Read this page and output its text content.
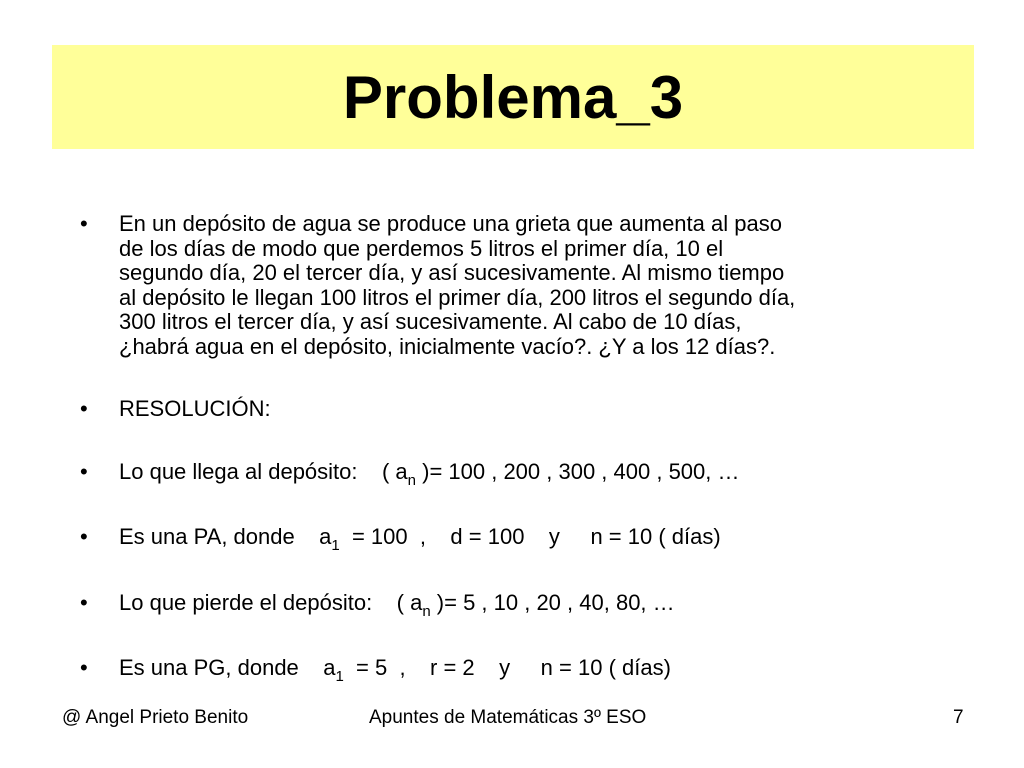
Problema_3
• En un depósito de agua se produce una grieta que aumenta al paso
de los días de modo que perdemos 5 litros el primer día, 10 el
segundo día, 20 el tercer día, y así sucesivamente. Al mismo tiempo
al depósito le llegan 100 litros el primer día, 200 litros el segundo día,
300 litros el tercer día, y así sucesivamente. Al cabo de 10 días,
¿habrá agua en el depósito, inicialmente vacío?. ¿Y a los 12 días?.
• RESOLUCIÓN:
• Lo que llega al depósito:    ( $a_n$ )= 100 , 200 , 300 , 400 , 500, …
• Es una PA, donde    $a_1 = 100$  ,    d = 100    y     n = 10 ( días)
• Lo que pierde el depósito:    ( $a_n$ )= 5 , 10 , 20 , 40, 80, …
• Es una PG, donde    $a_1 = 5$  ,    r = 2    y     n = 10 ( días)
@ Angel Prieto Benito	Apuntes de Matemáticas 3º ESO	7
